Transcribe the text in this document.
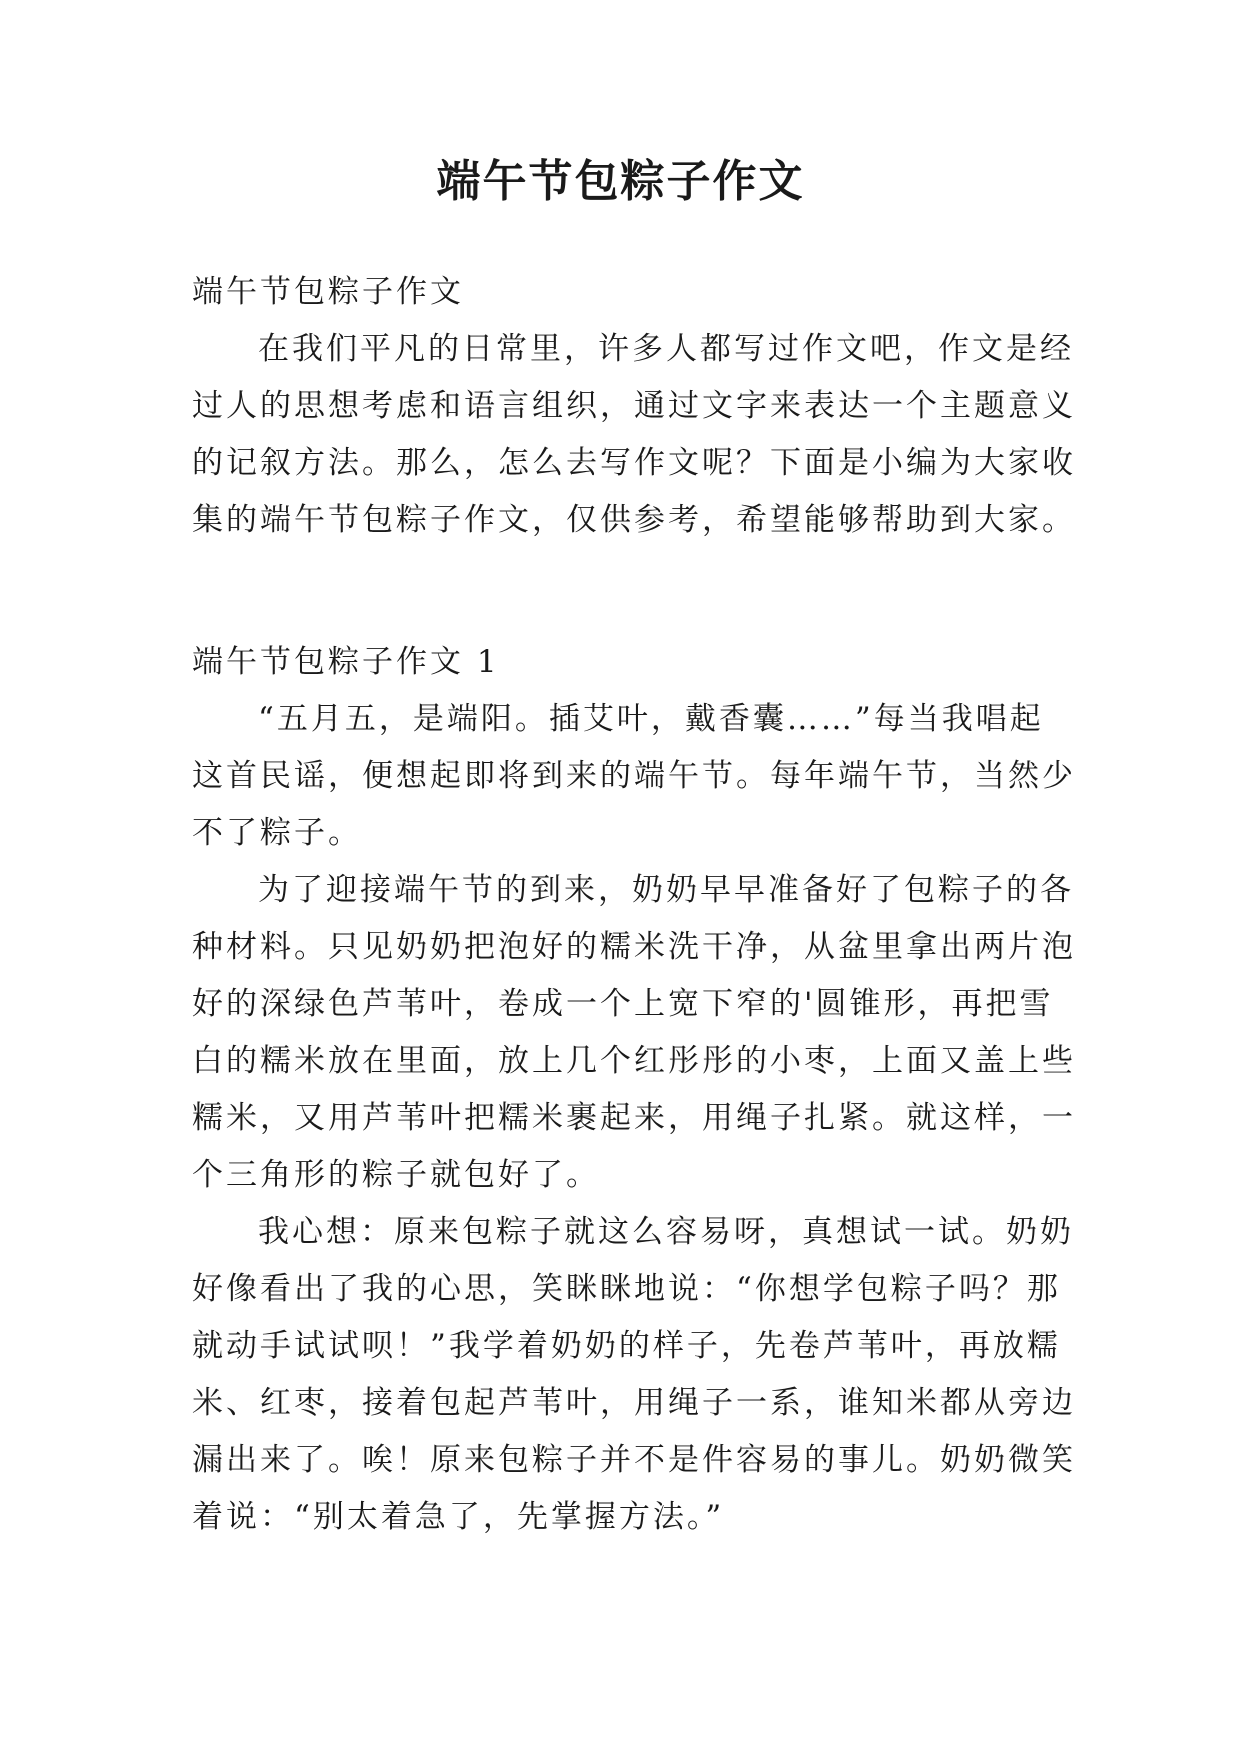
端午节包粽子作文
端午节包粽子作文
在我们平凡的日常里，许多人都写过作文吧，作文是经
过人的思想考虑和语言组织，通过文字来表达一个主题意义
的记叙方法。那么，怎么去写作文呢？下面是小编为大家收
集的端午节包粽子作文，仅供参考，希望能够帮助到大家。
端午节包粽子作文 1
“五月五，是端阳。插艾叶，戴香囊……”每当我唱起
这首民谣，便想起即将到来的端午节。每年端午节，当然少
不了粽子。
为了迎接端午节的到来，奶奶早早准备好了包粽子的各
种材料。只见奶奶把泡好的糯米洗干净，从盆里拿出两片泡
好的深绿色芦苇叶，卷成一个上宽下窄的'圆锥形，再把雪
白的糯米放在里面，放上几个红彤彤的小枣，上面又盖上些
糯米，又用芦苇叶把糯米裹起来，用绳子扎紧。就这样，一
个三角形的粽子就包好了。
我心想：原来包粽子就这么容易呀，真想试一试。奶奶
好像看出了我的心思，笑眯眯地说：“你想学包粽子吗？那
就动手试试呗！”我学着奶奶的样子，先卷芦苇叶，再放糯
米、红枣，接着包起芦苇叶，用绳子一系，谁知米都从旁边
漏出来了。唉！原来包粽子并不是件容易的事儿。奶奶微笑
着说：“别太着急了，先掌握方法。”
